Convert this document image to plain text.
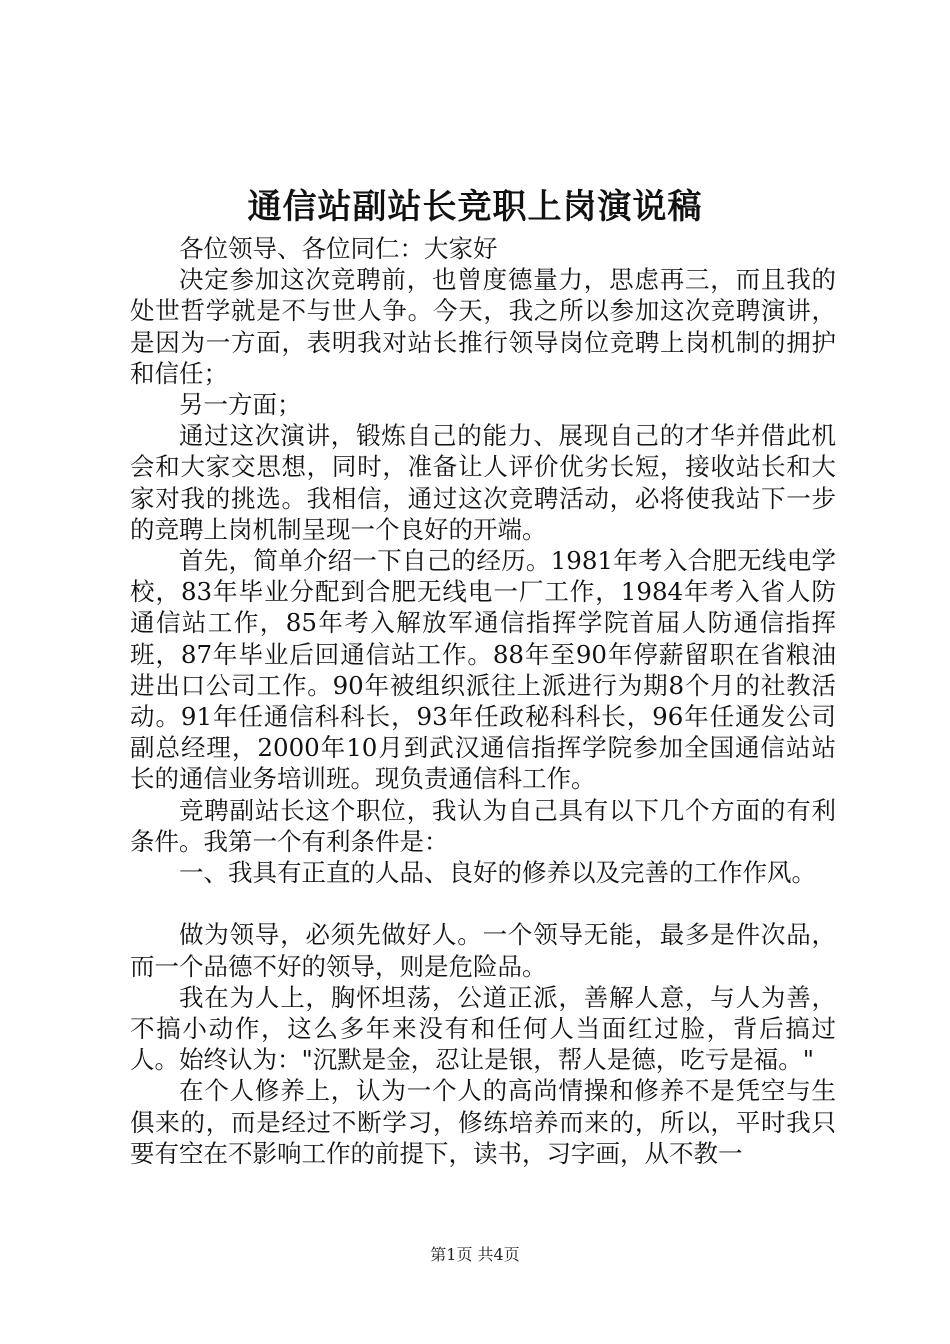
通信站副站长竞职上岗演说稿

各位领导、各位同仁：大家好

决定参加这次竞聘前，也曾度德量力，思虑再三，而且我的处世哲学就是不与世人争。今天，我之所以参加这次竞聘演讲，是因为一方面，表明我对站长推行领导岗位竞聘上岗机制的拥护和信任；

另一方面；

通过这次演讲，锻炼自己的能力、展现自己的才华并借此机会和大家交思想，同时，准备让人评价优劣长短，接收站长和大家对我的挑选。我相信，通过这次竞聘活动，必将使我站下一步的竞聘上岗机制呈现一个良好的开端。

首先，简单介绍一下自己的经历。1981年考入合肥无线电学校，83年毕业分配到合肥无线电一厂工作，1984年考入省人防通信站工作，85年考入解放军通信指挥学院首届人防通信指挥班，87年毕业后回通信站工作。88年至90年停薪留职在省粮油进出口公司工作。90年被组织派往上派进行为期8个月的社教活动。91年任通信科科长，93年任政秘科科长，96年任通发公司副总经理，2000年10月到武汉通信指挥学院参加全国通信站站长的通信业务培训班。现负责通信科工作。

竞聘副站长这个职位，我认为自己具有以下几个方面的有利条件。我第一个有利条件是：

一、我具有正直的人品、良好的修养以及完善的工作作风。

做为领导，必须先做好人。一个领导无能，最多是件次品，而一个品德不好的领导，则是危险品。

我在为人上，胸怀坦荡，公道正派，善解人意，与人为善，不搞小动作，这么多年来没有和任何人当面红过脸，背后搞过人。始终认为："沉默是金，忍让是银，帮人是德，吃亏是福。"

在个人修养上，认为一个人的高尚情操和修养不是凭空与生俱来的，而是经过不断学习，修练培养而来的，所以，平时我只要有空在不影响工作的前提下，读书，习字画，从不教一

第1页 共4页
